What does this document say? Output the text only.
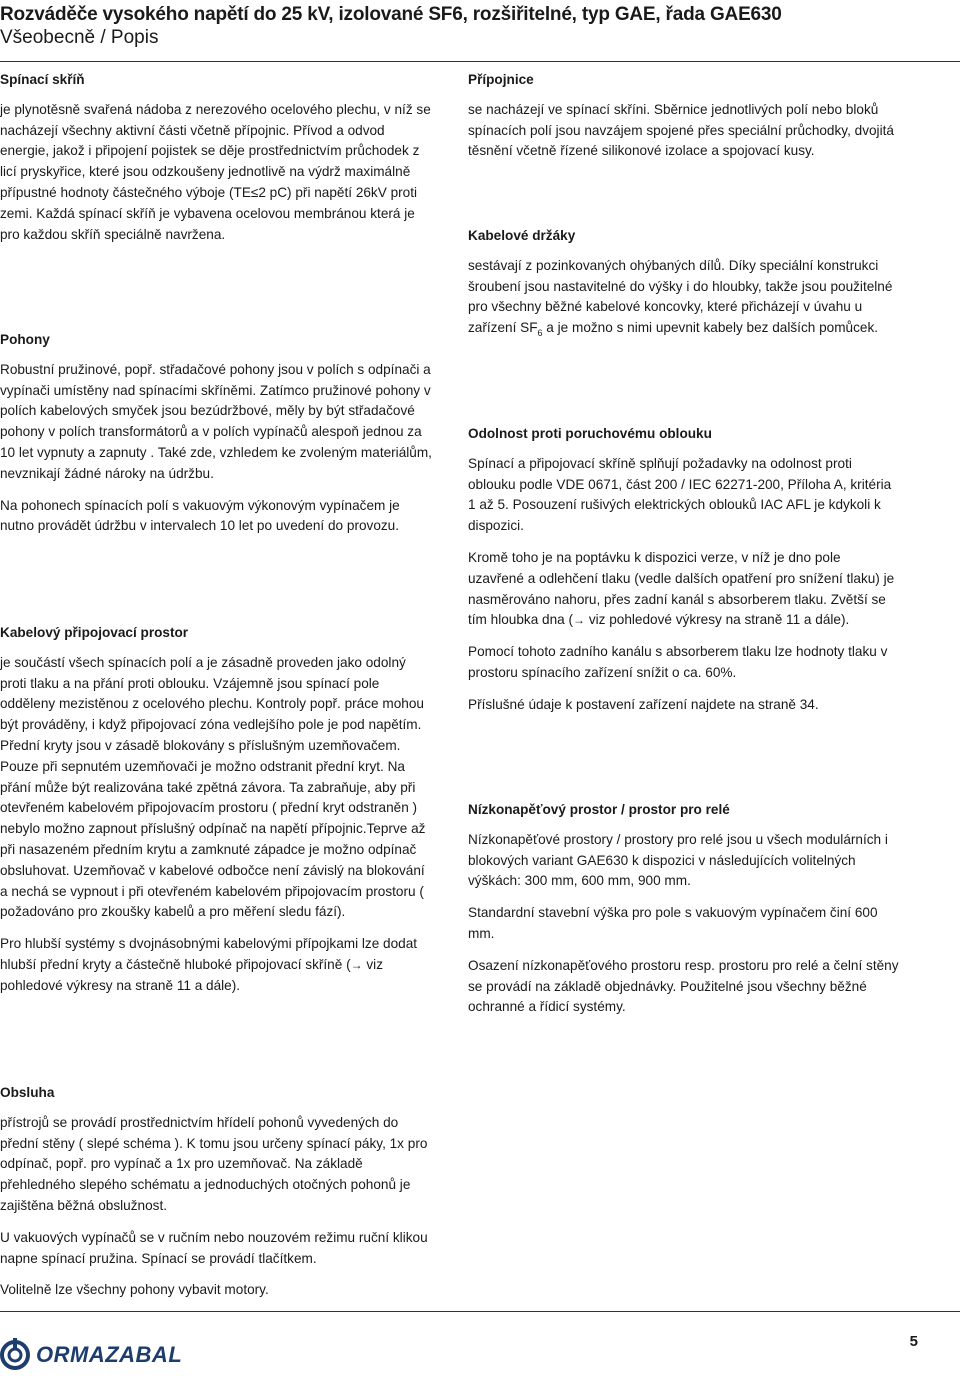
Rozváděče vysokého napětí do 25 kV, izolované SF6, rozšiřitelné, typ GAE, řada GAE630
Všeobecně / Popis

Spínací skříň

je plynotěsně svařená nádoba z nerezového ocelového plechu, v níž se nacházejí všechny aktivní části včetně přípojnic. Přívod a odvod energie, jakož i připojení pojistek se děje prostřednictvím průchodek z licí pryskyřice, které jsou odzkoušeny jednotlivě na výdrž maximálně přípustné hodnoty částečného výboje (TE≤2 pC) při napětí 26kV proti zemi. Každá spínací skříň je vybavena ocelovou membránou která je pro každou skříň speciálně navržena.

Pohony

Robustní pružinové, popř. střadačové pohony jsou v polích s odpínači a vypínači umístěny nad spínacími skříněmi. Zatímco pružinové pohony v polích kabelových smyček jsou bezúdržbové, měly by být střadačové pohony v polích transformátorů a v polích vypínačů alespoň jednou za 10 let vypnuty a zapnuty . Také zde, vzhledem ke zvoleným materiálům, nevznikají žádné nároky na údržbu.

Na pohonech spínacích polí s vakuovým výkonovým vypínačem je nutno provádět údržbu v intervalech 10 let po uvedení do provozu.

Kabelový připojovací prostor

je součástí všech spínacích polí a je zásadně proveden jako odolný proti tlaku a na přání proti oblouku. Vzájemně jsou spínací pole odděleny mezistěnou z ocelového plechu. Kontroly popř. práce mohou být prováděny, i když připojovací zóna vedlejšího pole je pod napětím. Přední kryty jsou v zásadě blokovány s příslušným uzemňovačem. Pouze při sepnutém uzemňovači je možno odstranit přední kryt. Na přání může být realizována také zpětná závora. Ta zabraňuje, aby při otevřeném kabelovém připojovacím prostoru ( přední kryt odstraněn ) nebylo možno zapnout příslušný odpínač na napětí přípojnic.Teprve až při nasazeném předním krytu a zamknuté západce je možno odpínač obsluhovat. Uzemňovač v kabelové odbočce není závislý na blokování a nechá se vypnout i při otevřeném kabelovém připojovacím prostoru ( požadováno pro zkoušky kabelů a pro měření sledu fází).

Pro hlubší systémy s dvojnásobnými kabelovými přípojkami lze dodat hlubší přední kryty a částečně hluboké připojovací skříně (→ viz pohledové výkresy na straně 11 a dále).

Přípojnice

se nacházejí ve spínací skříni. Sběrnice jednotlivých polí nebo bloků spínacích polí jsou navzájem spojené přes speciální průchodky, dvojitá těsnění včetně řízené silikonové izolace a spojovací kusy.

Kabelové držáky

sestávají z pozinkovaných ohýbaných dílů. Díky speciální konstrukci šroubení jsou nastavitelné do výšky i do hloubky, takže jsou použitelné pro všechny běžné kabelové koncovky, které přicházejí v úvahu u zařízení $SF_6$ a je možno s nimi upevnit kabely bez dalších pomůcek.

Odolnost proti poruchovému oblouku

Spínací a připojovací skříně splňují požadavky na odolnost proti oblouku podle VDE 0671, část 200 / IEC 62271-200, Příloha A, kritéria 1 až 5. Posouzení rušivých elektrických oblouků IAC AFL je kdykoli k dispozici.

Kromě toho je na poptávku k dispozici verze, v níž je dno pole uzavřené a odlehčení tlaku (vedle dalších opatření pro snížení tlaku) je nasměrováno nahoru, přes zadní kanál s absorberem tlaku. Zvětší se tím hloubka dna (→ viz pohledové výkresy na straně 11 a dále).

Pomocí tohoto zadního kanálu s absorberem tlaku lze hodnoty tlaku v prostoru spínacího zařízení snížit o ca. 60%.

Příslušné údaje k postavení zařízení najdete na straně 34.

Nízkonapěťový prostor / prostor pro relé

Nízkonapěťové prostory / prostory pro relé jsou u všech modulárních i blokových variant GAE630 k dispozici v následujících volitelných výškách: 300 mm, 600 mm, 900 mm.

Standardní stavební výška pro pole s vakuovým vypínačem činí 600 mm.

Osazení nízkonapěťového prostoru resp. prostoru pro relé a čelní stěny se provádí na základě objednávky. Použitelné jsou všechny běžné ochranné a řídicí systémy.

Obsluha

přístrojů se provádí prostřednictvím hřídelí pohonů vyvedených do přední stěny ( slepé schéma ). K tomu jsou určeny spínací páky, 1x pro odpínač, popř. pro vypínač a 1x pro uzemňovač. Na základě přehledného slepého schématu a jednoduchých otočných pohonů je zajištěna běžná obslužnost.

U vakuových vypínačů se v ručním nebo nouzovém režimu ruční klikou napne spínací pružina. Spínací se provádí tlačítkem.

Volitelně lze všechny pohony vybavit motory.

ORMAZABAL
5
